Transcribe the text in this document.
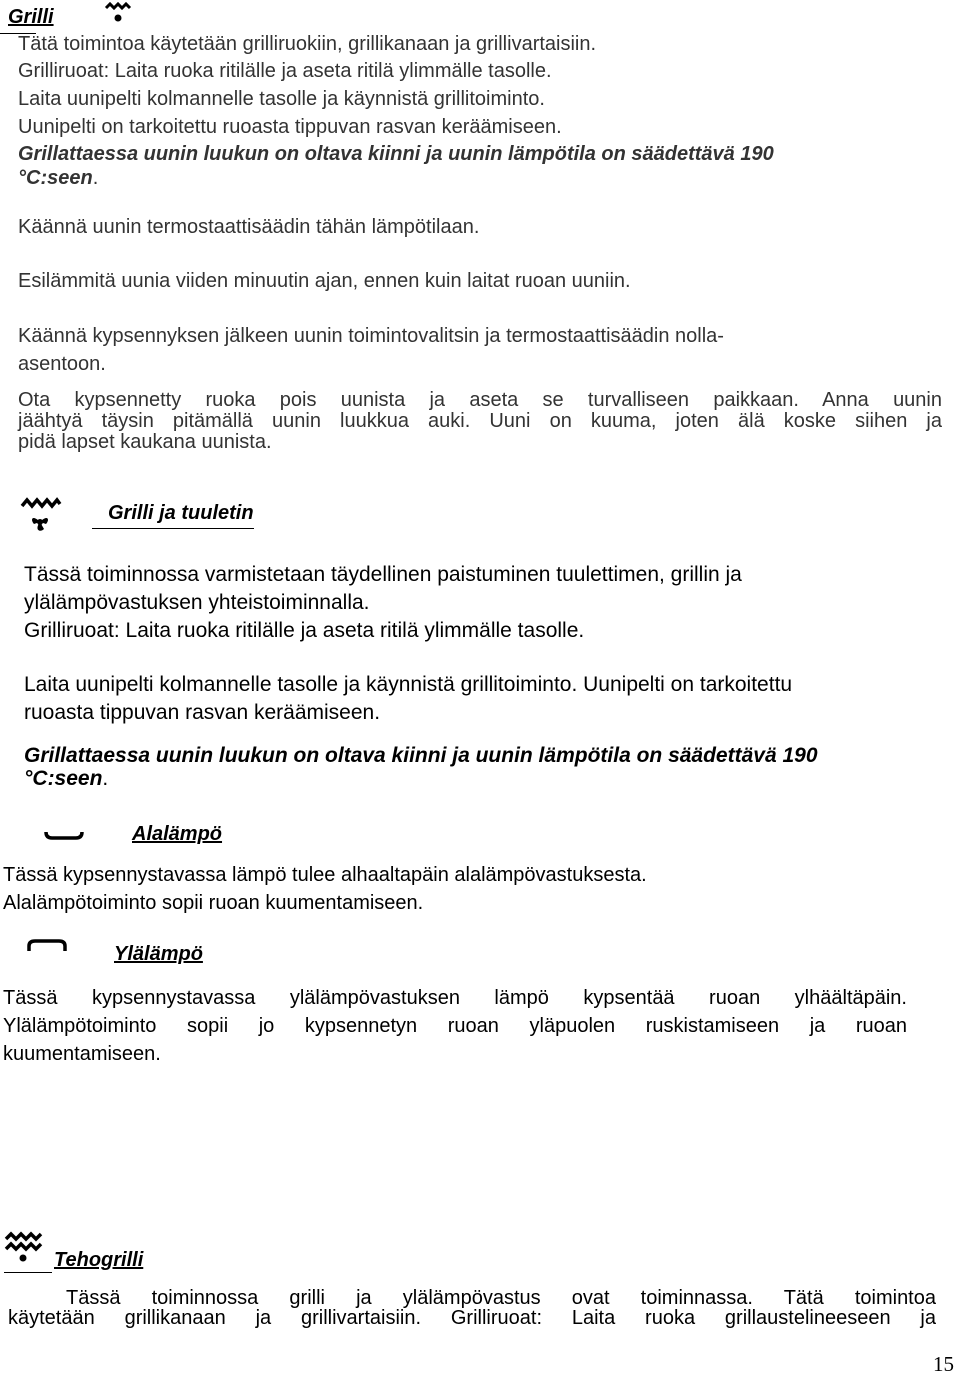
Grilli
Tätä toimintoa käytetään grilliruokiin, grillikanaan ja grillivartaisiin.
Grilliruoat: Laita ruoka ritilälle ja aseta ritilä ylimmälle tasolle.
Laita uunipelti kolmannelle tasolle ja käynnistä grillitoiminto.
Uunipelti on tarkoitettu ruoasta tippuvan rasvan keräämiseen.
Grillattaessa uunin luukun on oltava kiinni ja uunin lämpötila on säädettävä 190
°C:seen.
Käännä uunin termostaattisäädin tähän lämpötilaan.
Esilämmitä uunia viiden minuutin ajan, ennen kuin laitat ruoan uuniin.
Käännä kypsennyksen jälkeen uunin toimintovalitsin ja termostaattisäädin nolla-
asentoon.
Ota kypsennetty ruoka pois uunista ja aseta se turvalliseen paikkaan. Anna uunin
jäähtyä täysin pitämällä uunin luukkua auki. Uuni on kuuma, joten älä koske siihen ja
pidä lapset kaukana uunista.
Grilli ja tuuletin
Tässä toiminnossa varmistetaan täydellinen paistuminen tuulettimen, grillin ja
ylälämpövastuksen yhteistoiminnalla.
Grilliruoat: Laita ruoka ritilälle ja aseta ritilä ylimmälle tasolle.
Laita uunipelti kolmannelle tasolle ja käynnistä grillitoiminto. Uunipelti on tarkoitettu
ruoasta tippuvan rasvan keräämiseen.
Grillattaessa uunin luukun on oltava kiinni ja uunin lämpötila on säädettävä 190
°C:seen.
Alalämpö
Tässä kypsennystavassa lämpö tulee alhaaltapäin alalämpövastuksesta.
Alalämpötoiminto sopii ruoan kuumentamiseen.
Ylälämpö
Tässä kypsennystavassa ylälämpövastuksen lämpö kypsentää ruoan ylhäältäpäin.
Ylälämpötoiminto sopii jo kypsennetyn ruoan yläpuolen ruskistamiseen ja ruoan
kuumentamiseen.
Tehogrilli
Tässä toiminnossa grilli ja ylälämpövastus ovat toiminnassa. Tätä toimintoa
käytetään grillikanaan ja grillivartaisiin. Grilliruoat: Laita ruoka grillaustelineeseen ja
15
